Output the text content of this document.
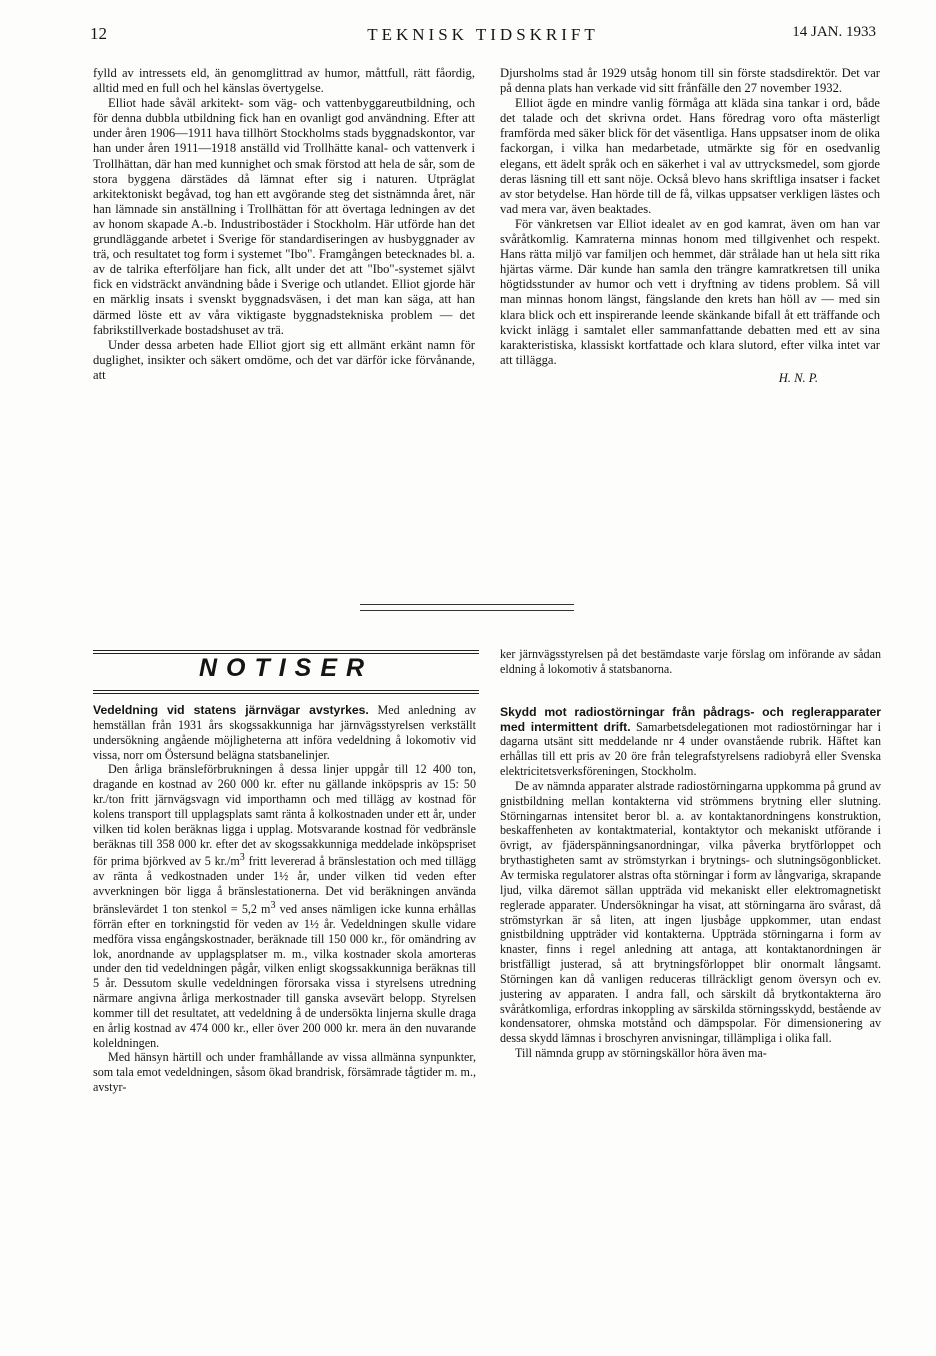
12	TEKNISK TIDSKRIFT	14 JAN. 1933

fylld av intressets eld, än genomglittrad av humor, måttfull, rätt fåordig, alltid med en full och hel känslas övertygelse.

Elliot hade såväl arkitekt- som väg- och vattenbyggareutbildning, och för denna dubbla utbildning fick han en ovanligt god användning. Efter att under åren 1906—1911 hava tillhört Stockholms stads byggnadskontor, var han under åren 1911—1918 anställd vid Trollhätte kanal- och vattenverk i Trollhättan, där han med kunnighet och smak förstod att hela de sår, som de stora byggena därstädes då lämnat efter sig i naturen. Utpräglat arkitektoniskt begåvad, tog han ett avgörande steg det sistnämnda året, när han lämnade sin anställning i Trollhättan för att övertaga ledningen av det av honom skapade A.-b. Industribostäder i Stockholm. Här utförde han det grundläggande arbetet i Sverige för standardiseringen av husbyggnader av trä, och resultatet tog form i systemet "Ibo". Framgången betecknades bl. a. av de talrika efterföljare han fick, allt under det att "Ibo"-systemet självt fick en vidsträckt användning både i Sverige och utlandet. Elliot gjorde här en märklig insats i svenskt byggnadsväsen, i det man kan säga, att han därmed löste ett av våra viktigaste byggnadstekniska problem — det fabrikstillverkade bostadshuset av trä.

Under dessa arbeten hade Elliot gjort sig ett allmänt erkänt namn för duglighet, insikter och säkert omdöme, och det var därför icke förvånande, att

Djursholms stad år 1929 utsåg honom till sin förste stadsdirektör. Det var på denna plats han verkade vid sitt frånfälle den 27 november 1932.

Elliot ägde en mindre vanlig förmåga att kläda sina tankar i ord, både det talade och det skrivna ordet. Hans föredrag voro ofta mästerligt framförda med säker blick för det väsentliga. Hans uppsatser inom de olika fackorgan, i vilka han medarbetade, utmärkte sig för en osedvanlig elegans, ett ädelt språk och en säkerhet i val av uttrycksmedel, som gjorde deras läsning till ett sant nöje. Också blevo hans skriftliga insatser i facket av stor betydelse. Han hörde till de få, vilkas uppsatser verkligen lästes och vad mera var, även beaktades.

För vänkretsen var Elliot idealet av en god kamrat, även om han var svåråtkomlig. Kamraterna minnas honom med tillgivenhet och respekt. Hans rätta miljö var familjen och hemmet, där strålade han ut hela sitt rika hjärtas värme. Där kunde han samla den trängre kamratkretsen till unika högtidsstunder av humor och vett i dryftning av tidens problem. Så vill man minnas honom längst, fängslande den krets han höll av — med sin klara blick och ett inspirerande leende skänkande bifall åt ett träffande och kvickt inlägg i samtalet eller sammanfattande debatten med ett av sina karakteristiska, klassiskt kortfattade och klara slutord, efter vilka intet var att tillägga.

H. N. P.
NOTISER

Vedeldning vid statens järnvägar avstyrkes. Med anledning av hemställan från 1931 års skogssakkunniga har järnvägsstyrelsen verkställt undersökning angående möjligheterna att införa vedeldning å lokomotiv vid vissa, norr om Östersund belägna statsbanelinjer.

Den årliga bränsleförbrukningen å dessa linjer uppgår till 12 400 ton, dragande en kostnad av 260 000 kr. efter nu gällande inköpspris av 15: 50 kr./ton fritt järnvägsvagn vid importhamn och med tillägg av kostnad för kolens transport till upplagsplats samt ränta å kolkostnaden under ett år, under vilken tid kolen beräknas ligga i upplag. Motsvarande kostnad för vedbränsle beräknas till 358 000 kr. efter det av skogssakkunniga meddelade inköpspriset för prima björkved av 5 $kr./m^3$ fritt levererad å bränslestation och med tillägg av ränta å vedkostnaden under 1½ år, under vilken tid veden efter avverkningen bör ligga å bränslestationerna. Det vid beräkningen använda bränslevärdet 1 ton stenkol = 5,2 $m^3$ ved anses nämligen icke kunna erhållas förrän efter en torkningstid för veden av 1½ år. Vedeldningen skulle vidare medföra vissa engångskostnader, beräknade till 150 000 kr., för omändring av lok, anordnande av upplagsplatser m. m., vilka kostnader skola amorteras under den tid vedeldningen pågår, vilken enligt skogssakkunniga beräknas till 5 år. Dessutom skulle vedeldningen förorsaka vissa i styrelsens utredning närmare angivna årliga merkostnader till ganska avsevärt belopp. Styrelsen kommer till det resultatet, att vedeldning å de undersökta linjerna skulle draga en årlig kostnad av 474 000 kr., eller över 200 000 kr. mera än den nuvarande koleldningen.

Med hänsyn härtill och under framhållande av vissa allmänna synpunkter, som tala emot vedeldningen, såsom ökad brandrisk, försämrade tågtider m. m., avstyr-

ker järnvägsstyrelsen på det bestämdaste varje förslag om införande av sådan eldning å lokomotiv å statsbanorna.

Skydd mot radiostörningar från pådrags- och reglerapparater med intermittent drift. Samarbetsdelegationen mot radiostörningar har i dagarna utsänt sitt meddelande nr 4 under ovanstående rubrik. Häftet kan erhållas till ett pris av 20 öre från telegrafstyrelsens radiobyrå eller Svenska elektricitetsverksföreningen, Stockholm.

De av nämnda apparater alstrade radiostörningarna uppkomma på grund av gnistbildning mellan kontakterna vid strömmens brytning eller slutning. Störningarnas intensitet beror bl. a. av kontaktanordningens konstruktion, beskaffenheten av kontaktmaterial, kontaktytor och mekaniskt utförande i övrigt, av fjäderspänningsanordningar, vilka påverka brytförloppet och brythastigheten samt av strömstyrkan i brytnings- och slutningsögonblicket. Av termiska regulatorer alstras ofta störningar i form av långvariga, skrapande ljud, vilka däremot sällan uppträda vid mekaniskt eller elektromagnetiskt reglerade apparater. Undersökningar ha visat, att störningarna äro svårast, då strömstyrkan är så liten, att ingen ljusbåge uppkommer, utan endast gnistbildning uppträder vid kontakterna. Uppträda störningarna i form av knaster, finns i regel anledning att antaga, att kontaktanordningen är bristfälligt justerad, så att brytningsförloppet blir onormalt långsamt. Störningen kan då vanligen reduceras tillräckligt genom översyn och ev. justering av apparaten. I andra fall, och särskilt då brytkontakterna äro svåråtkomliga, erfordras inkoppling av särskilda störningsskydd, bestående av kondensatorer, ohmska motstånd och dämpspolar. För dimensionering av dessa skydd lämnas i broschyren anvisningar, tillämpliga i olika fall.

Till nämnda grupp av störningskällor höra även ma-
